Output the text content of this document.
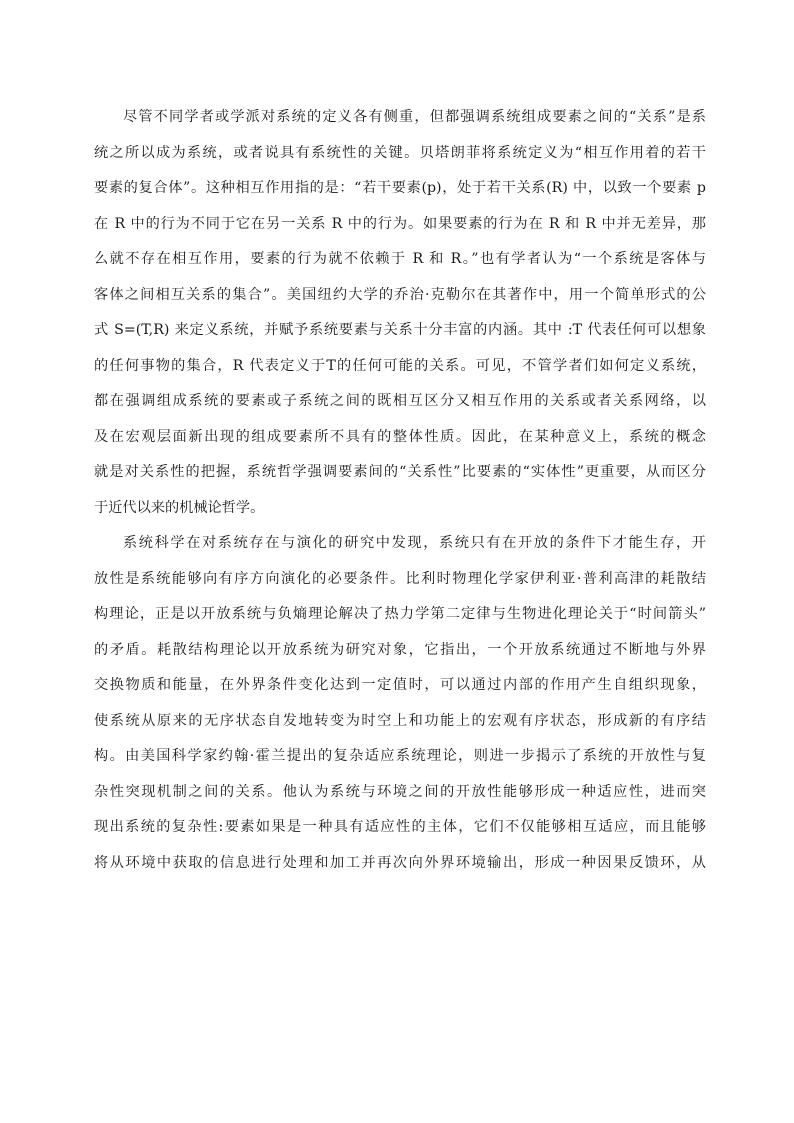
尽管不同学者或学派对系统的定义各有侧重，但都强调系统组成要素之间的“关系”是系
统之所以成为系统，或者说具有系统性的关键。贝塔朗菲将系统定义为“相互作用着的若干
要素的复合体”。这种相互作用指的是：“若干要素(p)，处于若干关系(R) 中，以致一个要素 p
在 R 中的行为不同于它在另一关系 R 中的行为。如果要素的行为在 R 和 R 中并无差异，那
么就不存在相互作用，要素的行为就不依赖于 R 和 R。”也有学者认为“一个系统是客体与
客体之间相互关系的集合”。美国纽约大学的乔治·克勒尔在其著作中，用一个简单形式的公
式 S=(T,R) 来定义系统，并赋予系统要素与关系十分丰富的内涵。其中 :T 代表任何可以想象
的任何事物的集合，R 代表定义于T的任何可能的关系。可见，不管学者们如何定义系统，
都在强调组成系统的要素或子系统之间的既相互区分又相互作用的关系或者关系网络，以
及在宏观层面新出现的组成要素所不具有的整体性质。因此，在某种意义上，系统的概念
就是对关系性的把握，系统哲学强调要素间的“关系性”比要素的“实体性”更重要，从而区分
于近代以来的机械论哲学。
系统科学在对系统存在与演化的研究中发现，系统只有在开放的条件下才能生存，开
放性是系统能够向有序方向演化的必要条件。比利时物理化学家伊利亚·普利高津的耗散结
构理论，正是以开放系统与负熵理论解决了热力学第二定律与生物进化理论关于“时间箭头”
的矛盾。耗散结构理论以开放系统为研究对象，它指出，一个开放系统通过不断地与外界
交换物质和能量，在外界条件变化达到一定值时，可以通过内部的作用产生自组织现象，
使系统从原来的无序状态自发地转变为时空上和功能上的宏观有序状态，形成新的有序结
构。由美国科学家约翰·霍兰提出的复杂适应系统理论，则进一步揭示了系统的开放性与复
杂性突现机制之间的关系。他认为系统与环境之间的开放性能够形成一种适应性，进而突
现出系统的复杂性:要素如果是一种具有适应性的主体，它们不仅能够相互适应，而且能够
将从环境中获取的信息进行处理和加工并再次向外界环境输出，形成一种因果反馈环，从
